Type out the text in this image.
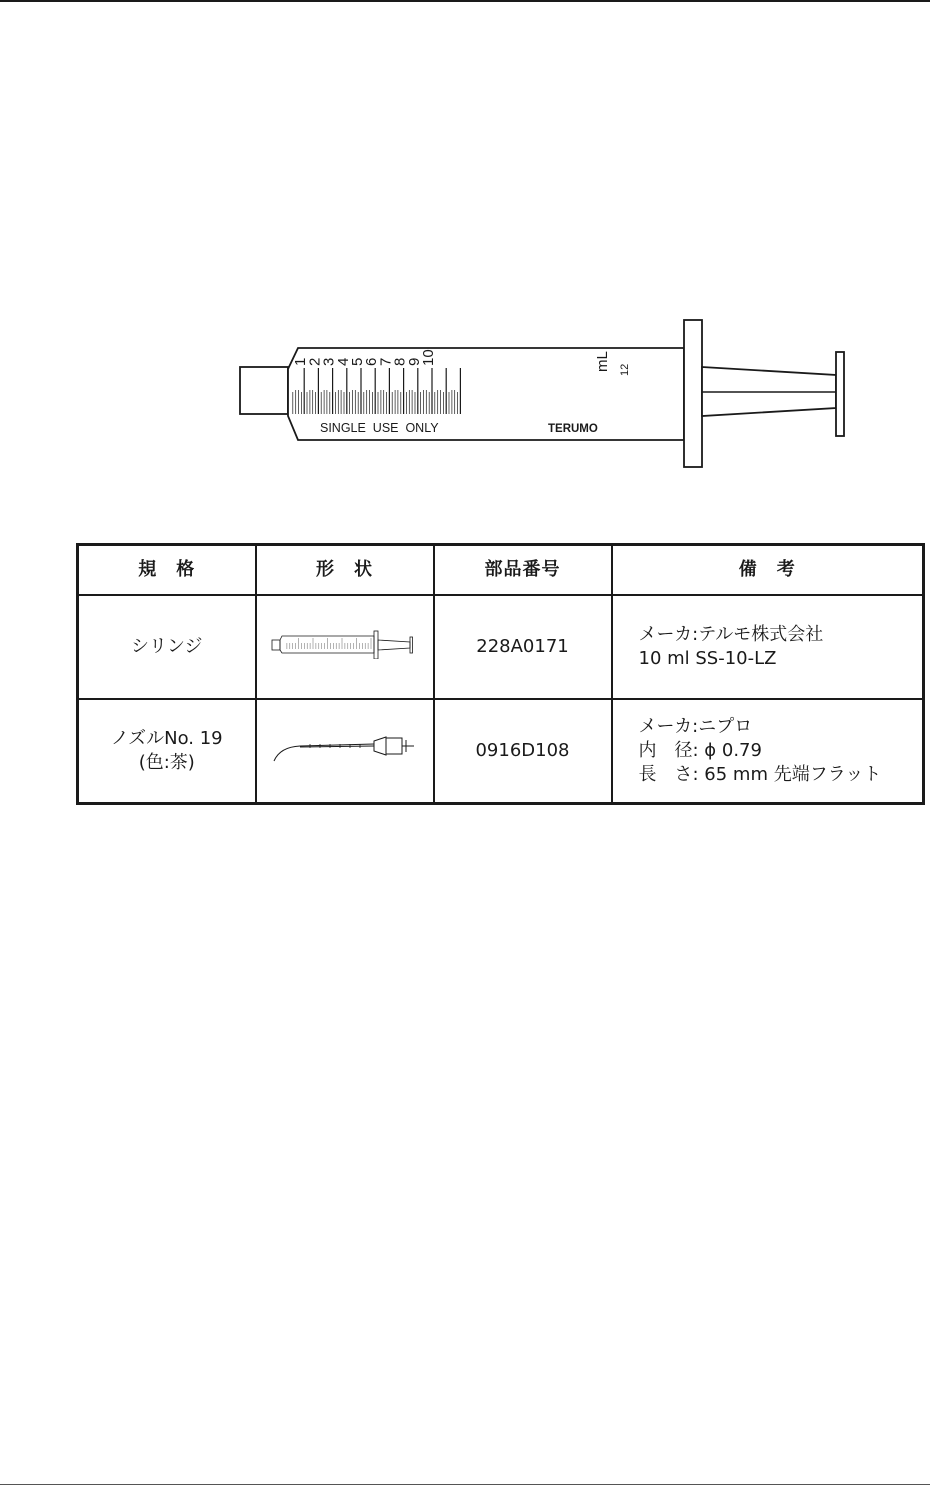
1
2
3
4
5
6
7
8
9
10	mL 12
SINGLE  USE  ONLY	TERUMO
規　格	形　状	部品番号	備　考

シリンジ		228A0171	メーカ:テルモ株式会社
10 ml SS-10-LZ

ノズルNo. 19
(色:茶)		0916D108	メーカ:ニプロ
内　径: ϕ 0.79
長　さ: 65 mm 先端フラット
